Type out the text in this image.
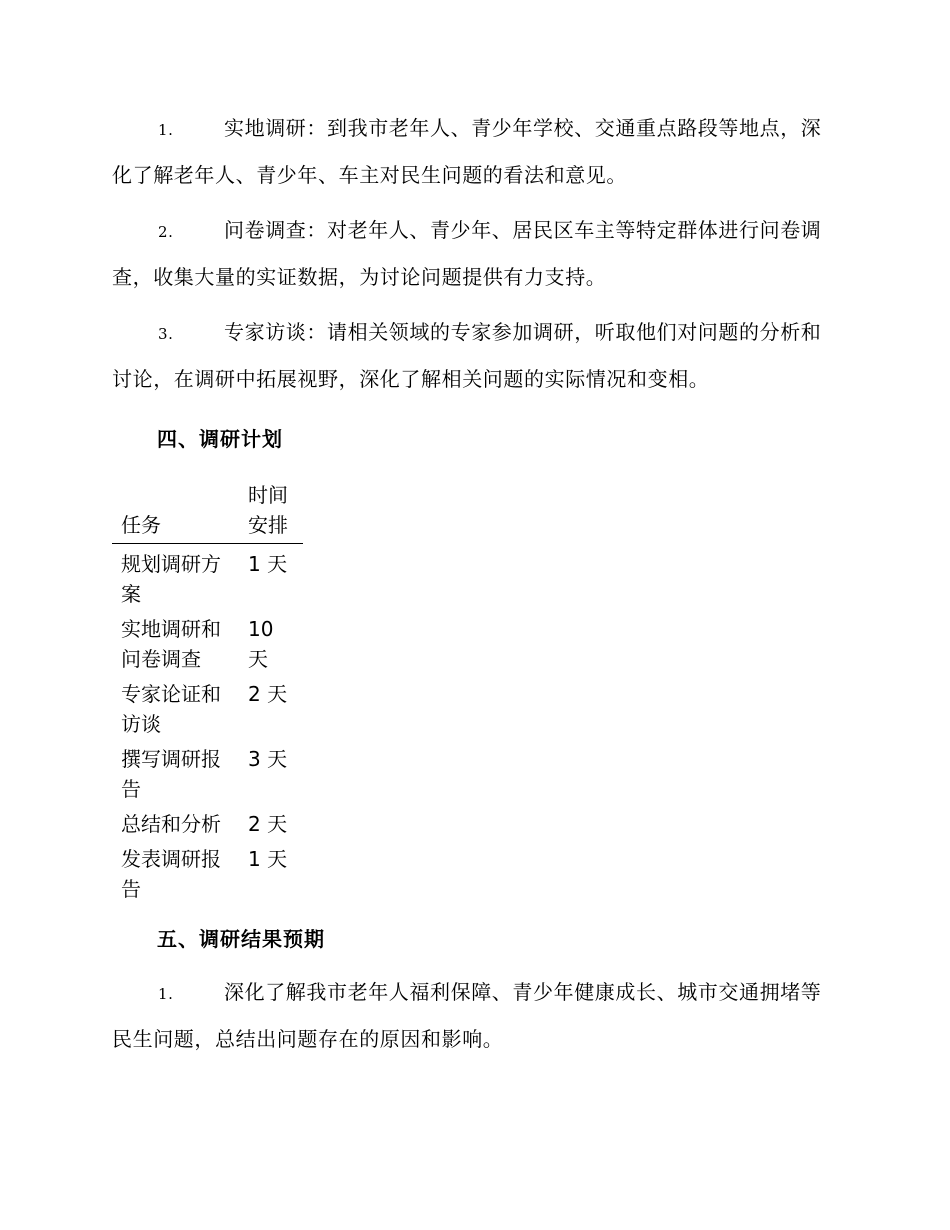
1.	实地调研：到我市老年人、青少年学校、交通重点路段等地点，深化了解老年人、青少年、车主对民生问题的看法和意见。

2.	问卷调查：对老年人、青少年、居民区车主等特定群体进行问卷调查，收集大量的实证数据，为讨论问题提供有力支持。

3.	专家访谈：请相关领域的专家参加调研，听取他们对问题的分析和讨论，在调研中拓展视野，深化了解相关问题的实际情况和变相。

四、调研计划
任务	时间安排
规划调研方案	1 天
实地调研和问卷调查	10 天
专家论证和访谈	2 天
撰写调研报告	3 天
总结和分析	2 天
发表调研报告	1 天
五、调研结果预期

1.	深化了解我市老年人福利保障、青少年健康成长、城市交通拥堵等民生问题，总结出问题存在的原因和影响。
